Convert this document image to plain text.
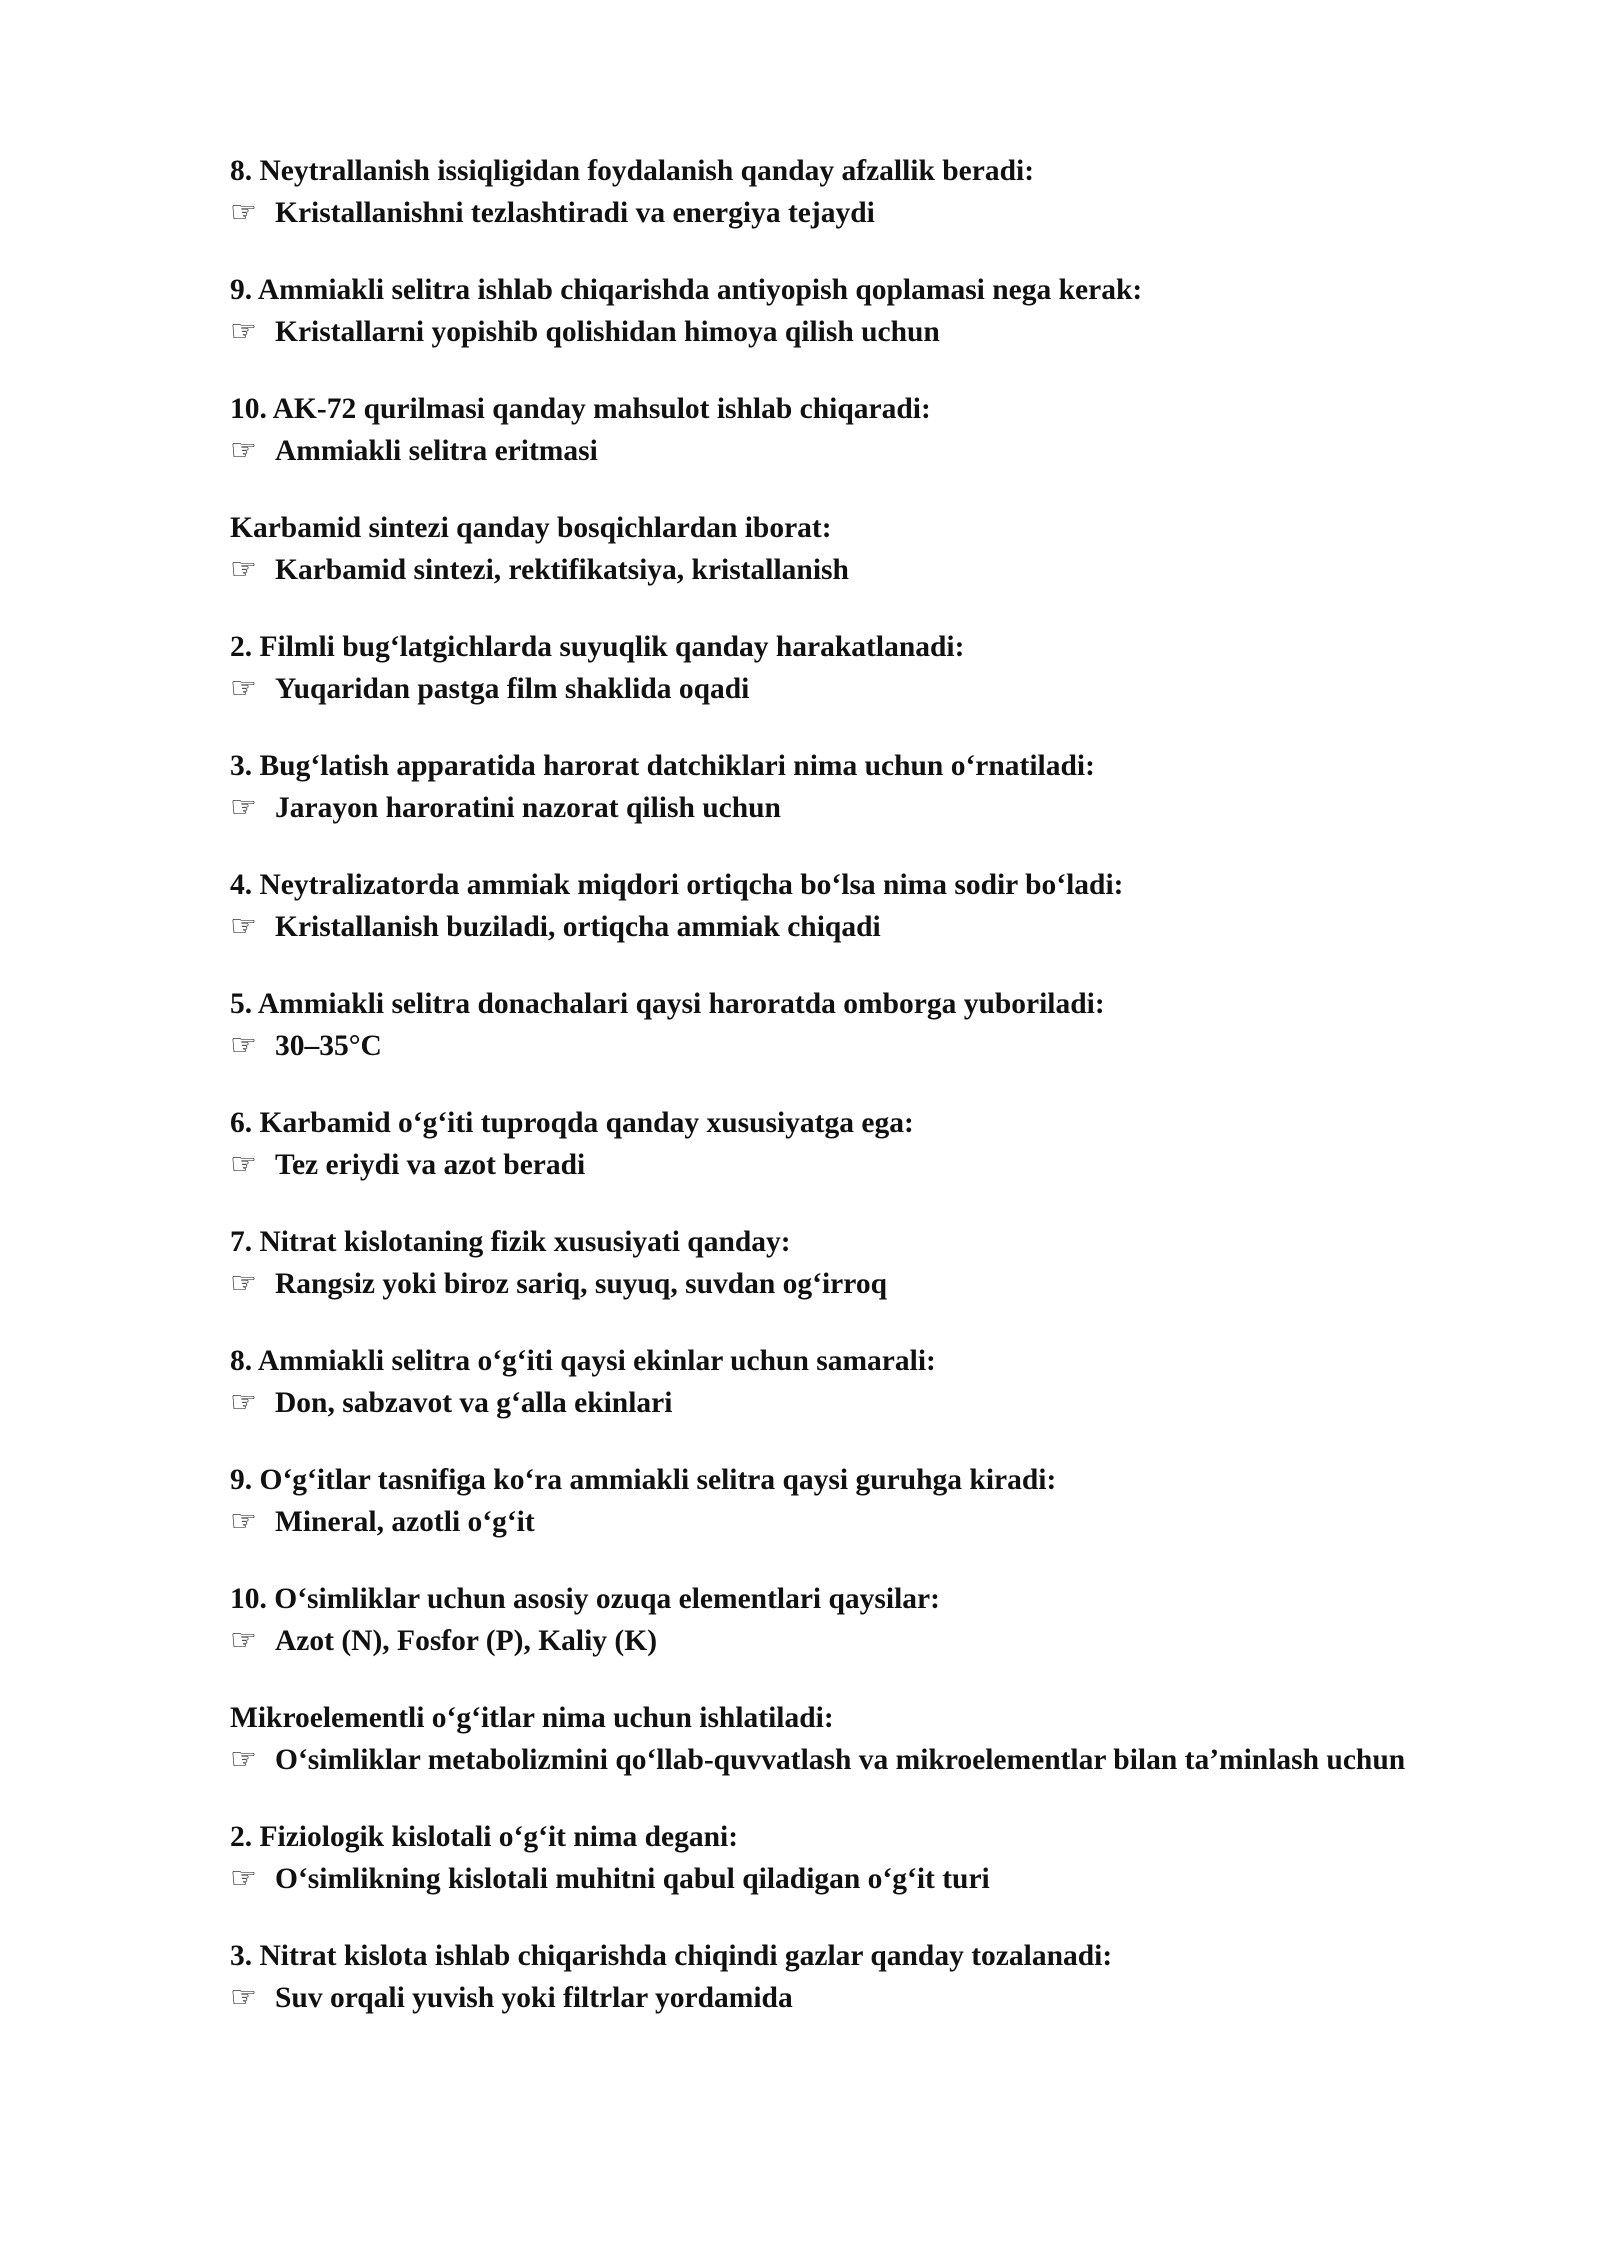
8. Neytrallanish issiqligidan foydalanish qanday afzallik beradi:
☞ Kristallanishni tezlashtiradi va energiya tejaydi
9. Ammiakli selitra ishlab chiqarishda antiyopish qoplamasi nega kerak:
☞ Kristallarni yopishib qolishidan himoya qilish uchun
10. AK-72 qurilmasi qanday mahsulot ishlab chiqaradi:
☞ Ammiakli selitra eritmasi
Karbamid sintezi qanday bosqichlardan iborat:
☞ Karbamid sintezi, rektifikatsiya, kristallanish
2. Filmli bugʻlatgichlarda suyuqlik qanday harakatlanadi:
☞ Yuqaridan pastga film shaklida oqadi
3. Bugʻlatish apparatida harorat datchiklari nima uchun oʻrnatiladi:
☞ Jarayon haroratini nazorat qilish uchun
4. Neytralizatorda ammiak miqdori ortiqcha boʻlsa nima sodir boʻladi:
☞ Kristallanish buziladi, ortiqcha ammiak chiqadi
5. Ammiakli selitra donachalari qaysi haroratda omborga yuboriladi:
☞ 30–35°C
6. Karbamid oʻgʻiti tuproqda qanday xususiyatga ega:
☞ Tez eriydi va azot beradi
7. Nitrat kislotaning fizik xususiyati qanday:
☞ Rangsiz yoki biroz sariq, suyuq, suvdan ogʻirroq
8. Ammiakli selitra oʻgʻiti qaysi ekinlar uchun samarali:
☞ Don, sabzavot va gʻalla ekinlari
9. Oʻgʻitlar tasnifiga koʻra ammiakli selitra qaysi guruhga kiradi:
☞ Mineral, azotli oʻgʻit
10. Oʻsimliklar uchun asosiy ozuqa elementlari qaysilar:
☞ Azot (N), Fosfor (P), Kaliy (K)
Mikroelementli oʻgʻitlar nima uchun ishlatiladi:
☞ Oʻsimliklar metabolizmini qoʻllab-quvvatlash va mikroelementlar bilan ta’minlash uchun
2. Fiziologik kislotali oʻgʻit nima degani:
☞ Oʻsimlikning kislotali muhitni qabul qiladigan oʻgʻit turi
3. Nitrat kislota ishlab chiqarishda chiqindi gazlar qanday tozalanadi:
☞ Suv orqali yuvish yoki filtrlar yordamida
